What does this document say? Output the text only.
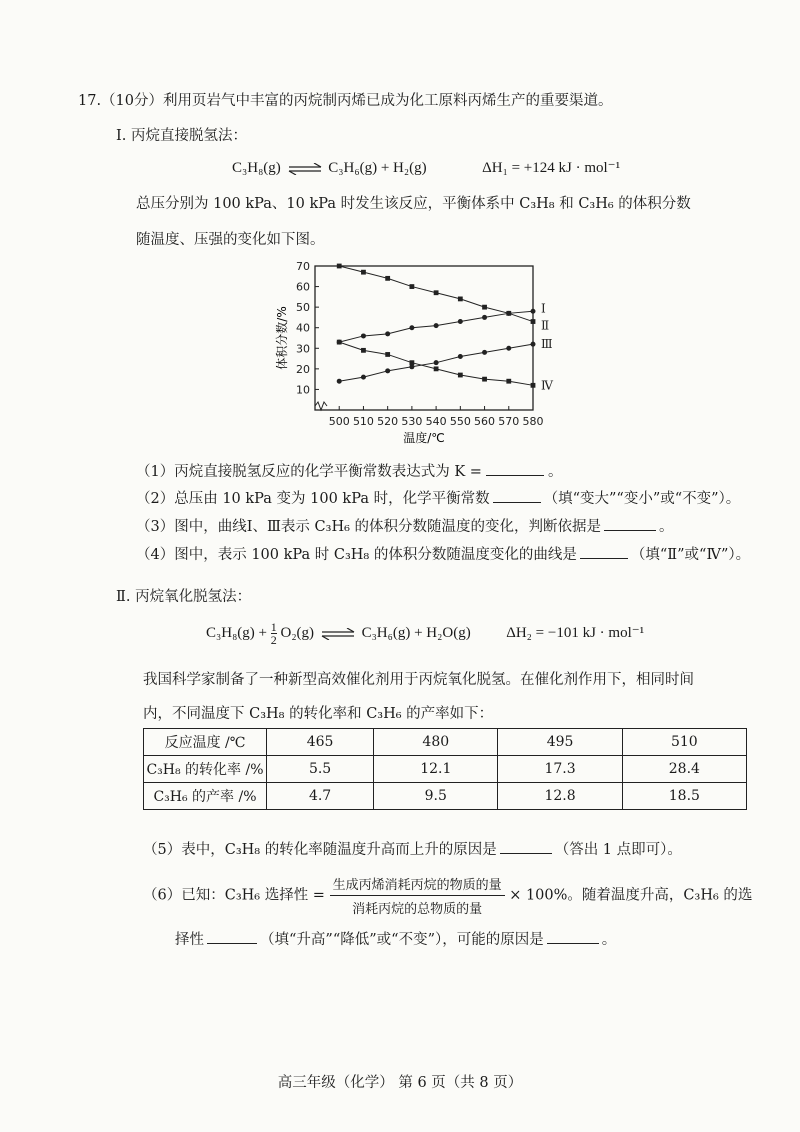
17.（10分）利用页岩气中丰富的丙烷制丙烯已成为化工原料丙烯生产的重要渠道。
Ⅰ. 丙烷直接脱氢法：
C₃H₈(g) ⇌ C₃H₆(g) + H₂(g)	ΔH₁ = +124 kJ · mol⁻¹
总压分别为 100 kPa、10 kPa 时发生该反应，平衡体系中 C₃H₈ 和 C₃H₆ 的体积分数
随温度、压强的变化如下图。
体积分数/%
温度/℃
10
20
30
40
50
60
70
500 510 520 530 540 550 560 570 580
Ⅰ
Ⅱ
Ⅲ
Ⅳ
（1）丙烷直接脱氢反应的化学平衡常数表达式为 K =	。
（2）总压由 10 kPa 变为 100 kPa 时，化学平衡常数	（填“变大”“变小”或“不变”）。
（3）图中，曲线Ⅰ、Ⅲ表示 C₃H₆ 的体积分数随温度的变化，判断依据是	。
（4）图中，表示 100 kPa 时 C₃H₈ 的体积分数随温度变化的曲线是	（填“Ⅱ”或“Ⅳ”）。
Ⅱ. 丙烷氧化脱氢法：
$C_3H_8(g) + \frac{1}{2} O_2(g)$ ⇌ C₃H₆(g) + H₂O(g) ΔH₂ = −101 kJ · mol⁻¹
我国科学家制备了一种新型高效催化剂用于丙烷氧化脱氢。在催化剂作用下，相同时间
内，不同温度下 C₃H₈ 的转化率和 C₃H₆ 的产率如下：
反应温度 /℃	465	480	495	510
C₃H₈ 的转化率 /%	5.5	12.1	17.3	28.4
C₃H₆ 的产率 /%	4.7	9.5	12.8	18.5
（5）表中，C₃H₈ 的转化率随温度升高而上升的原因是	（答出 1 点即可）。
（6）已知：C₃H₆ 选择性 = $\frac{\text{生成丙烯消耗丙烷的物质的量}}{\text{消耗丙烷的总物质的量}} \times 100\%$。随着温度升高，C₃H₆ 的选
择性	（填“升高”“降低”或“不变”），可能的原因是	。
高三年级（化学） 第 6 页（共 8 页）
